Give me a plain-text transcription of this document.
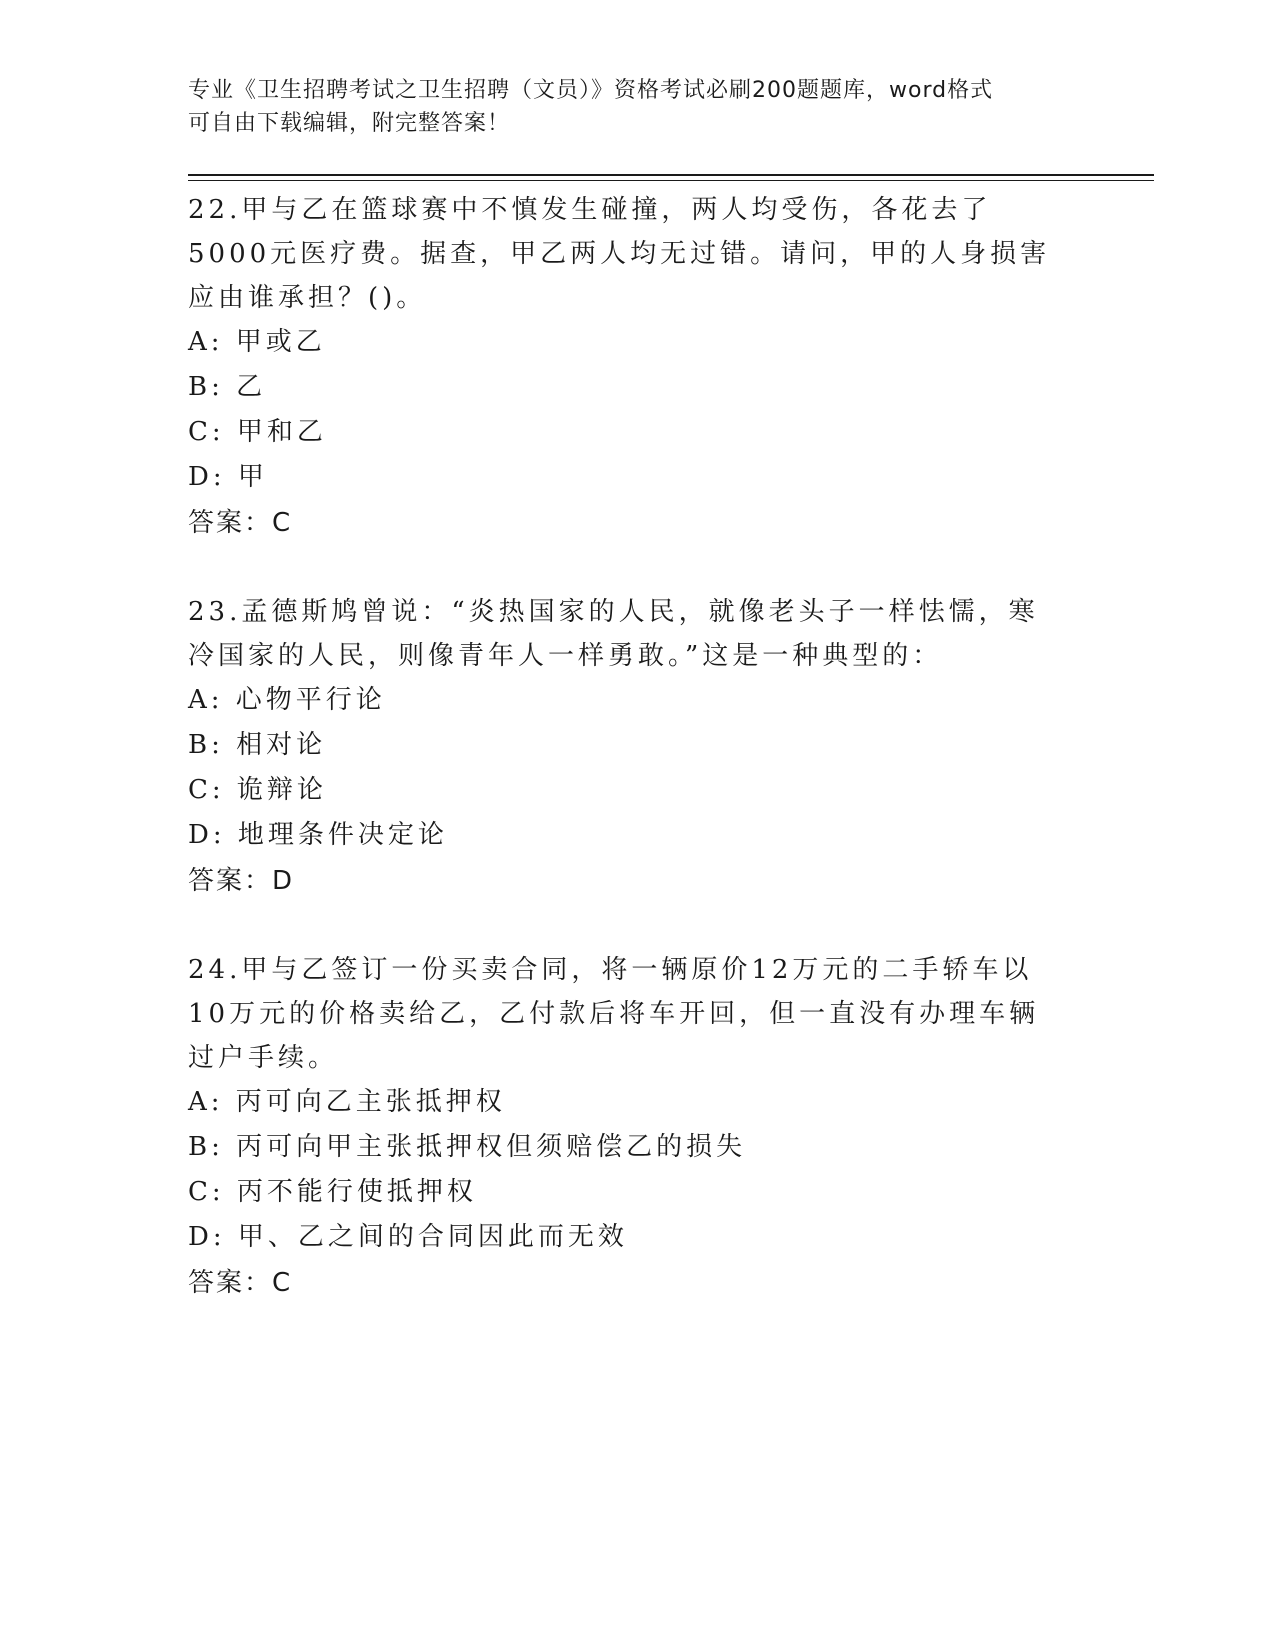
专业《卫生招聘考试之卫生招聘（文员）》资格考试必刷200题题库，word格式
可自由下载编辑，附完整答案！

22.甲与乙在篮球赛中不慎发生碰撞，两人均受伤，各花去了5000元医疗费。据查，甲乙两人均无过错。请问，甲的人身损害应由谁承担？()。

A: 甲或乙

B: 乙

C: 甲和乙

D: 甲

答案：C

23.孟德斯鸠曾说：“炎热国家的人民，就像老头子一样怯懦，寒冷国家的人民，则像青年人一样勇敢。”这是一种典型的：

A: 心物平行论

B: 相对论

C: 诡辩论

D: 地理条件决定论

答案：D

24.甲与乙签订一份买卖合同，将一辆原价12万元的二手轿车以10万元的价格卖给乙，乙付款后将车开回，但一直没有办理车辆过户手续。

A: 丙可向乙主张抵押权

B: 丙可向甲主张抵押权但须赔偿乙的损失

C: 丙不能行使抵押权

D: 甲、乙之间的合同因此而无效

答案：C
